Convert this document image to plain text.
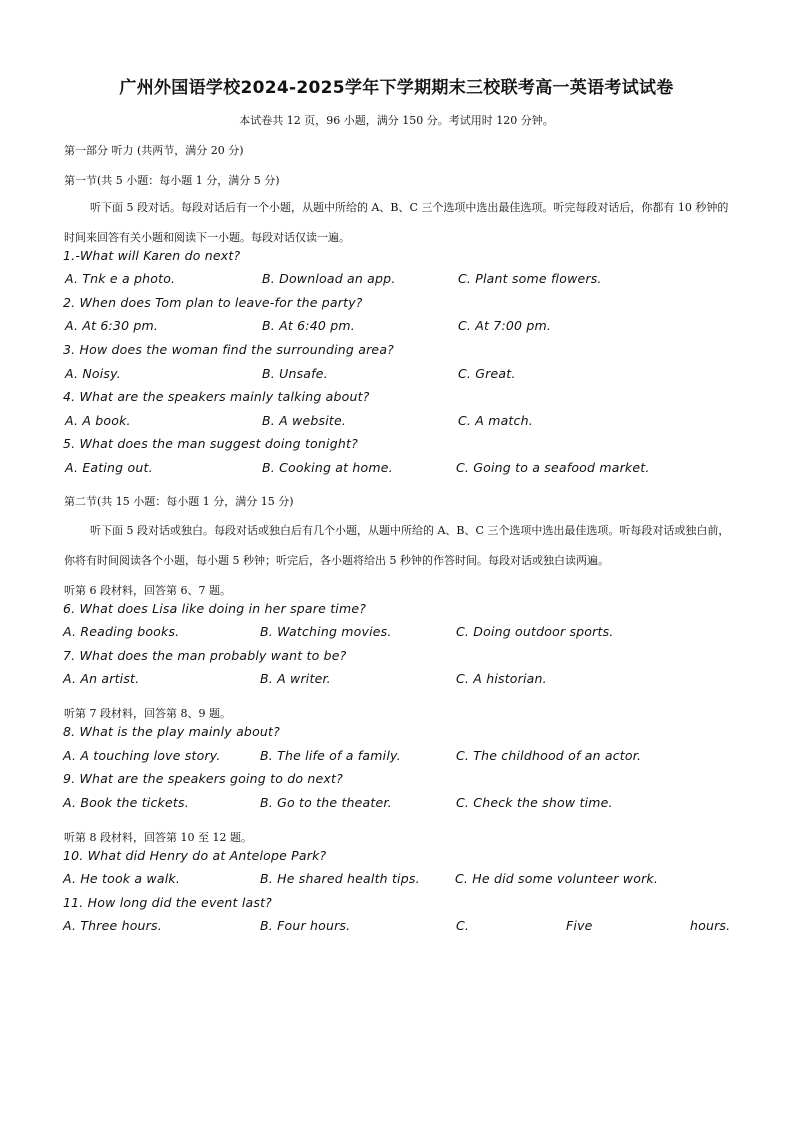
广州外国语学校2024-2025学年下学期期末三校联考高一英语考试试卷
本试卷共 12 页，96 小题，满分 150 分。考试用时 120 分钟。
第一部分 听力 (共两节，满分 20 分)
第一节(共 5 小题：每小题 1 分，满分 5 分)
听下面 5 段对话。每段对话后有一个小题，从题中所给的 A、B、C 三个选项中选出最佳选项。听完每段对话后，你都有 10 秒钟的时间来回答有关小题和阅读下一小题。每段对话仅读一遍。
1.-What will Karen do next?
A. Tnk e a photo.	B. Download an app.	C. Plant some flowers.
2. When does Tom plan to leave-for the party?
A. At 6:30 pm.	B. At 6:40 pm.	C. At 7:00 pm.
3. How does the woman find the surrounding area?
A. Noisy.	B. Unsafe.	C. Great.
4. What are the speakers mainly talking about?
A. A book.	B. A website.	C. A match.
5. What does the man suggest doing tonight?
A. Eating out.	B. Cooking at home.	C. Going to a seafood market.
第二节(共 15 小题：每小题 1 分，满分 15 分)
听下面 5 段对话或独白。每段对话或独白后有几个小题，从题中所给的 A、B、C 三个选项中选出最佳选项。听每段对话或独白前，你将有时间阅读各个小题，每小题 5 秒钟；听完后，各小题将给出 5 秒钟的作答时间。每段对话或独白读两遍。
听第 6 段材料，回答第 6、7 题。
6. What does Lisa like doing in her spare time?
A. Reading books.	B. Watching movies.	C. Doing outdoor sports.
7. What does the man probably want to be?
A. An artist.	B. A writer.	C. A historian.
听第 7 段材料，回答第 8、9 题。
8. What is the play mainly about?
A. A touching love story.	B. The life of a family.	C. The childhood of an actor.
9. What are the speakers going to do next?
A. Book the tickets.	B. Go to the theater.	C. Check the show time.
听第 8 段材料，回答第 10 至 12 题。
10. What did Henry do at Antelope Park?
A. He took a walk.	B. He shared health tips.	C. He did some volunteer work.
11. How long did the event last?
A. Three hours.	B. Four hours.	C.	Five	hours.
